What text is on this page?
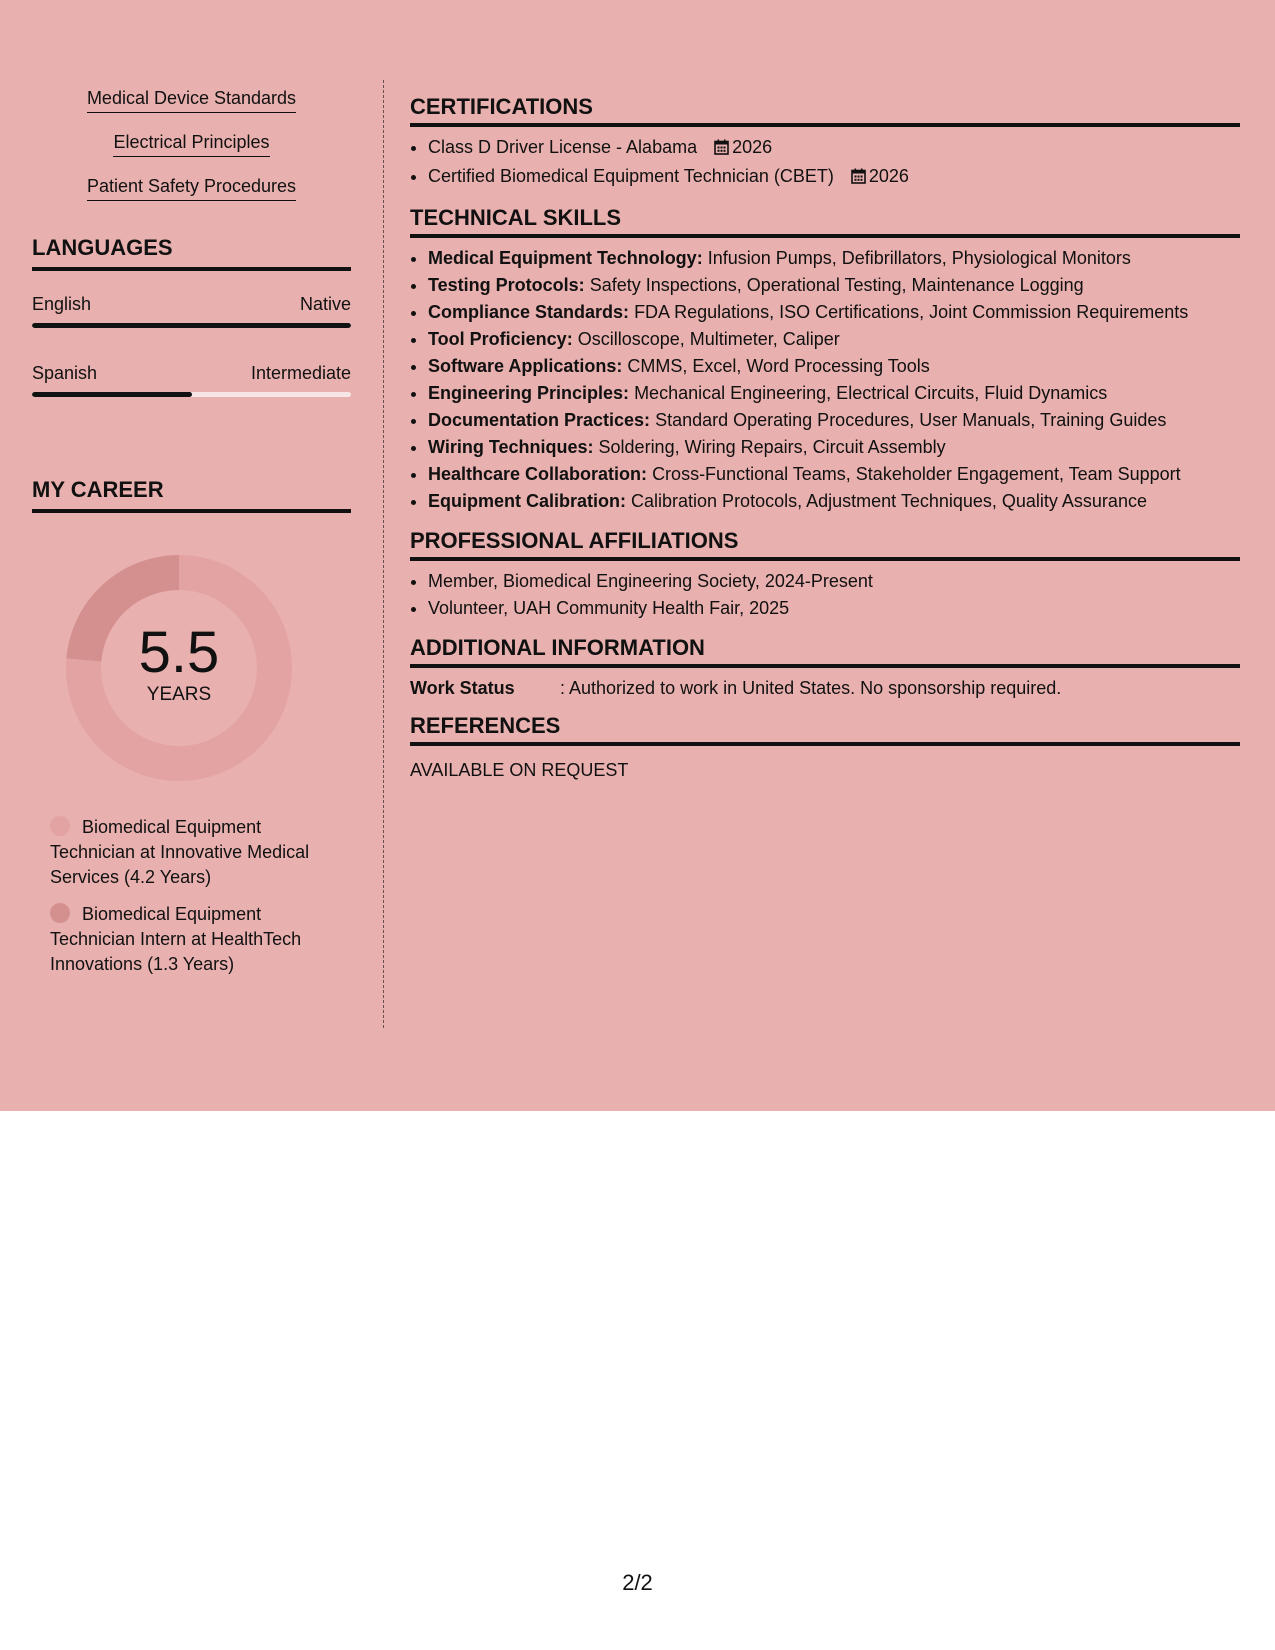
Medical Device Standards
Electrical Principles
Patient Safety Procedures
LANGUAGES
English	Native
Spanish	Intermediate
MY CAREER
5.5
YEARS
Biomedical Equipment Technician at Innovative Medical Services (4.2 Years)
Biomedical Equipment Technician Intern at HealthTech Innovations (1.3 Years)
CERTIFICATIONS
• Class D Driver License - Alabama 2026
• Certified Biomedical Equipment Technician (CBET) 2026
TECHNICAL SKILLS
• Medical Equipment Technology: Infusion Pumps, Defibrillators, Physiological Monitors
• Testing Protocols: Safety Inspections, Operational Testing, Maintenance Logging
• Compliance Standards: FDA Regulations, ISO Certifications, Joint Commission Requirements
• Tool Proficiency: Oscilloscope, Multimeter, Caliper
• Software Applications: CMMS, Excel, Word Processing Tools
• Engineering Principles: Mechanical Engineering, Electrical Circuits, Fluid Dynamics
• Documentation Practices: Standard Operating Procedures, User Manuals, Training Guides
• Wiring Techniques: Soldering, Wiring Repairs, Circuit Assembly
• Healthcare Collaboration: Cross-Functional Teams, Stakeholder Engagement, Team Support
• Equipment Calibration: Calibration Protocols, Adjustment Techniques, Quality Assurance
PROFESSIONAL AFFILIATIONS
• Member, Biomedical Engineering Society, 2024-Present
• Volunteer, UAH Community Health Fair, 2025
ADDITIONAL INFORMATION
Work Status	: Authorized to work in United States. No sponsorship required.
REFERENCES
AVAILABLE ON REQUEST
2/2
